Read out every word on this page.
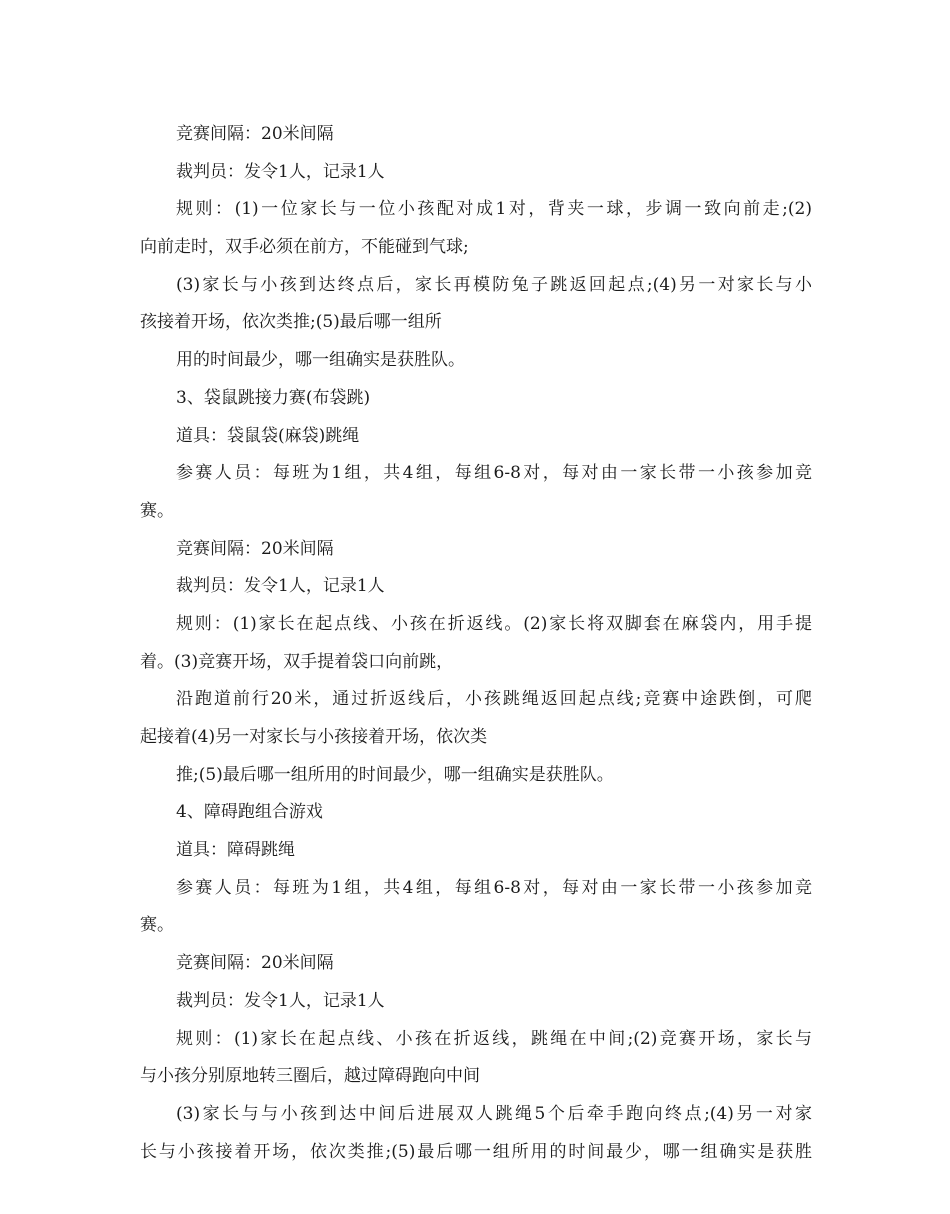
竞赛间隔：20米间隔
裁判员：发令1人，记录1人
规则：(1)一位家长与一位小孩配对成1对，背夹一球，步调一致向前走;(2)
向前走时，双手必须在前方，不能碰到气球;
(3)家长与小孩到达终点后，家长再模防兔子跳返回起点;(4)另一对家长与小
孩接着开场，依次类推;(5)最后哪一组所
用的时间最少，哪一组确实是获胜队。
3、袋鼠跳接力赛(布袋跳)
道具：袋鼠袋(麻袋)跳绳
参赛人员：每班为1组，共4组，每组6-8对，每对由一家长带一小孩参加竞
赛。
竞赛间隔：20米间隔
裁判员：发令1人，记录1人
规则：(1)家长在起点线、小孩在折返线。(2)家长将双脚套在麻袋内，用手提
着。(3)竞赛开场，双手提着袋口向前跳，
沿跑道前行20米，通过折返线后，小孩跳绳返回起点线;竞赛中途跌倒，可爬
起接着(4)另一对家长与小孩接着开场，依次类
推;(5)最后哪一组所用的时间最少，哪一组确实是获胜队。
4、障碍跑组合游戏
道具：障碍跳绳
参赛人员：每班为1组，共4组，每组6-8对，每对由一家长带一小孩参加竞
赛。
竞赛间隔：20米间隔
裁判员：发令1人，记录1人
规则：(1)家长在起点线、小孩在折返线，跳绳在中间;(2)竞赛开场，家长与
与小孩分别原地转三圈后，越过障碍跑向中间
(3)家长与与小孩到达中间后进展双人跳绳5个后牵手跑向终点;(4)另一对家
长与小孩接着开场，依次类推;(5)最后哪一组所用的时间最少，哪一组确实是获胜
